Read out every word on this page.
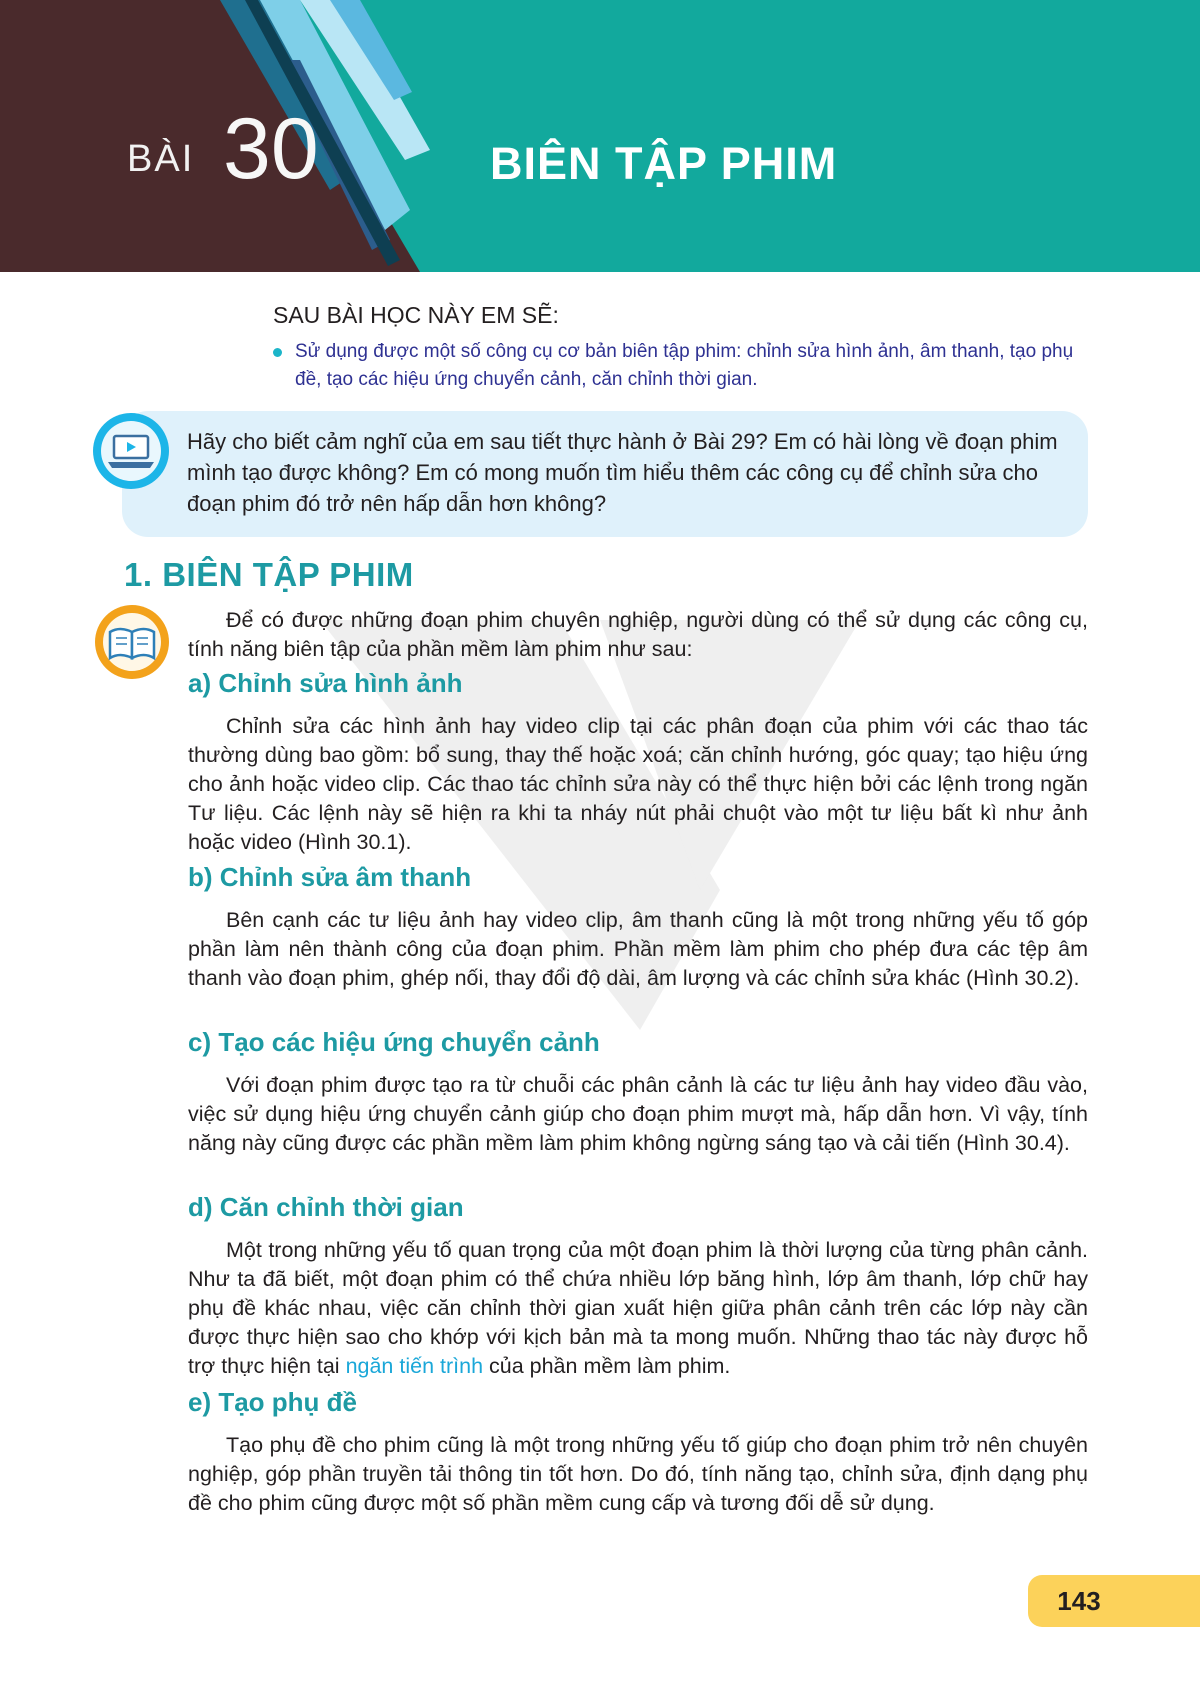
BÀI 30	BIÊN TẬP PHIM
SAU BÀI HỌC NÀY EM SẼ:
Sử dụng được một số công cụ cơ bản biên tập phim: chỉnh sửa hình ảnh, âm thanh, tạo phụ đề, tạo các hiệu ứng chuyển cảnh, căn chỉnh thời gian.
Hãy cho biết cảm nghĩ của em sau tiết thực hành ở Bài 29? Em có hài lòng về đoạn phim mình tạo được không? Em có mong muốn tìm hiểu thêm các công cụ để chỉnh sửa cho đoạn phim đó trở nên hấp dẫn hơn không?
1. BIÊN TẬP PHIM
Để có được những đoạn phim chuyên nghiệp, người dùng có thể sử dụng các công cụ, tính năng biên tập của phần mềm làm phim như sau:
a) Chỉnh sửa hình ảnh
Chỉnh sửa các hình ảnh hay video clip tại các phân đoạn của phim với các thao tác thường dùng bao gồm: bổ sung, thay thế hoặc xoá; căn chỉnh hướng, góc quay; tạo hiệu ứng cho ảnh hoặc video clip. Các thao tác chỉnh sửa này có thể thực hiện bởi các lệnh trong ngăn Tư liệu. Các lệnh này sẽ hiện ra khi ta nháy nút phải chuột vào một tư liệu bất kì như ảnh hoặc video (Hình 30.1).
b) Chỉnh sửa âm thanh
Bên cạnh các tư liệu ảnh hay video clip, âm thanh cũng là một trong những yếu tố góp phần làm nên thành công của đoạn phim. Phần mềm làm phim cho phép đưa các tệp âm thanh vào đoạn phim, ghép nối, thay đổi độ dài, âm lượng và các chỉnh sửa khác (Hình 30.2).
c) Tạo các hiệu ứng chuyển cảnh
Với đoạn phim được tạo ra từ chuỗi các phân cảnh là các tư liệu ảnh hay video đầu vào, việc sử dụng hiệu ứng chuyển cảnh giúp cho đoạn phim mượt mà, hấp dẫn hơn. Vì vậy, tính năng này cũng được các phần mềm làm phim không ngừng sáng tạo và cải tiến (Hình 30.4).
d) Căn chỉnh thời gian
Một trong những yếu tố quan trọng của một đoạn phim là thời lượng của từng phân cảnh. Như ta đã biết, một đoạn phim có thể chứa nhiều lớp băng hình, lớp âm thanh, lớp chữ hay phụ đề khác nhau, việc căn chỉnh thời gian xuất hiện giữa phân cảnh trên các lớp này cần được thực hiện sao cho khớp với kịch bản mà ta mong muốn. Những thao tác này được hỗ trợ thực hiện tại ngăn tiến trình của phần mềm làm phim.
e) Tạo phụ đề
Tạo phụ đề cho phim cũng là một trong những yếu tố giúp cho đoạn phim trở nên chuyên nghiệp, góp phần truyền tải thông tin tốt hơn. Do đó, tính năng tạo, chỉnh sửa, định dạng phụ đề cho phim cũng được một số phần mềm cung cấp và tương đối dễ sử dụng.
143
